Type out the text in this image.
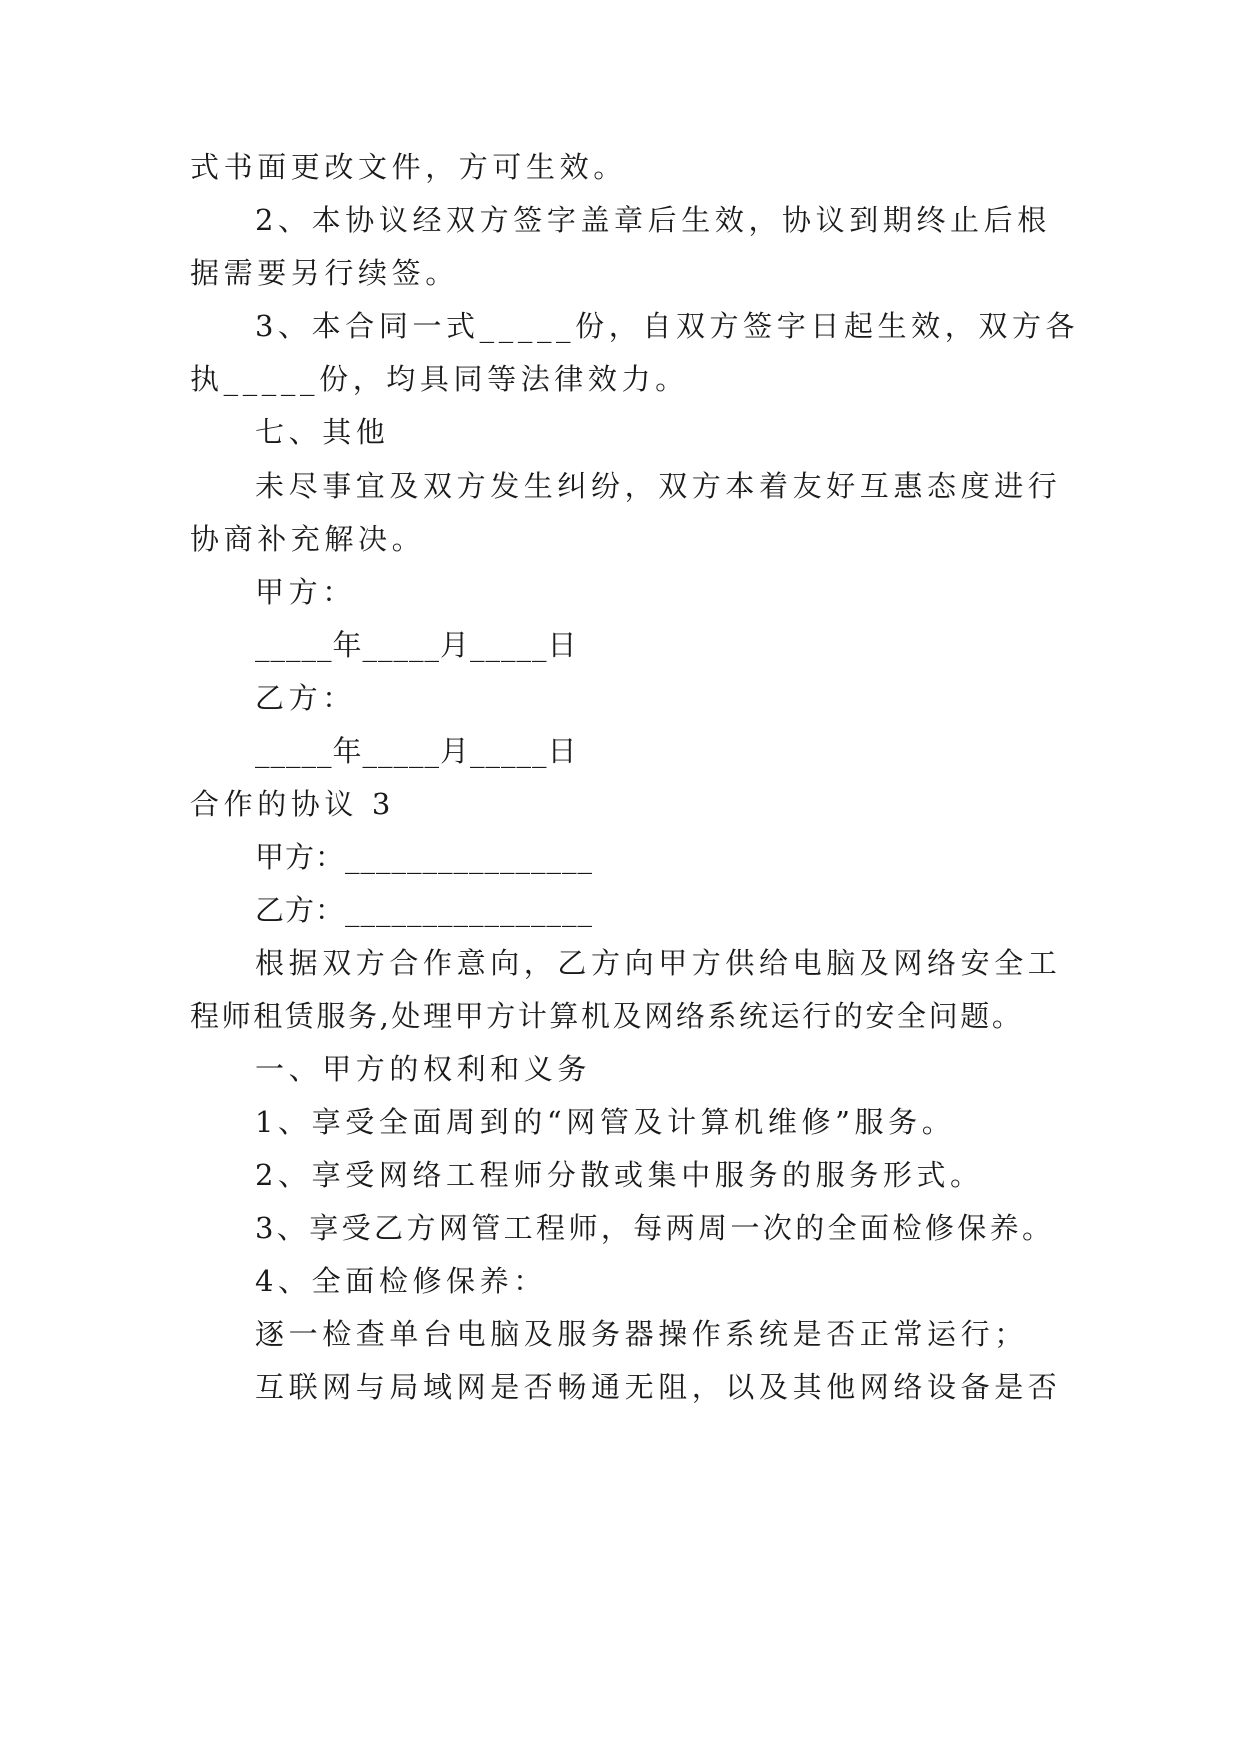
式书面更改文件，方可生效。
2、本协议经双方签字盖章后生效，协议到期终止后根
据需要另行续签。
3、本合同一式_____份，自双方签字日起生效，双方各
执_____份，均具同等法律效力。
七、其他
未尽事宜及双方发生纠纷，双方本着友好互惠态度进行
协商补充解决。
甲方：
_____年_____月_____日
乙方：
_____年_____月_____日
合作的协议 3
甲方：________________
乙方：________________
根据双方合作意向，乙方向甲方供给电脑及网络安全工
程师租赁服务,处理甲方计算机及网络系统运行的安全问题。
一、甲方的权利和义务
1、享受全面周到的“网管及计算机维修”服务。
2、享受网络工程师分散或集中服务的服务形式。
3、享受乙方网管工程师，每两周一次的全面检修保养。
4、全面检修保养：
逐一检查单台电脑及服务器操作系统是否正常运行；
互联网与局域网是否畅通无阻，以及其他网络设备是否
